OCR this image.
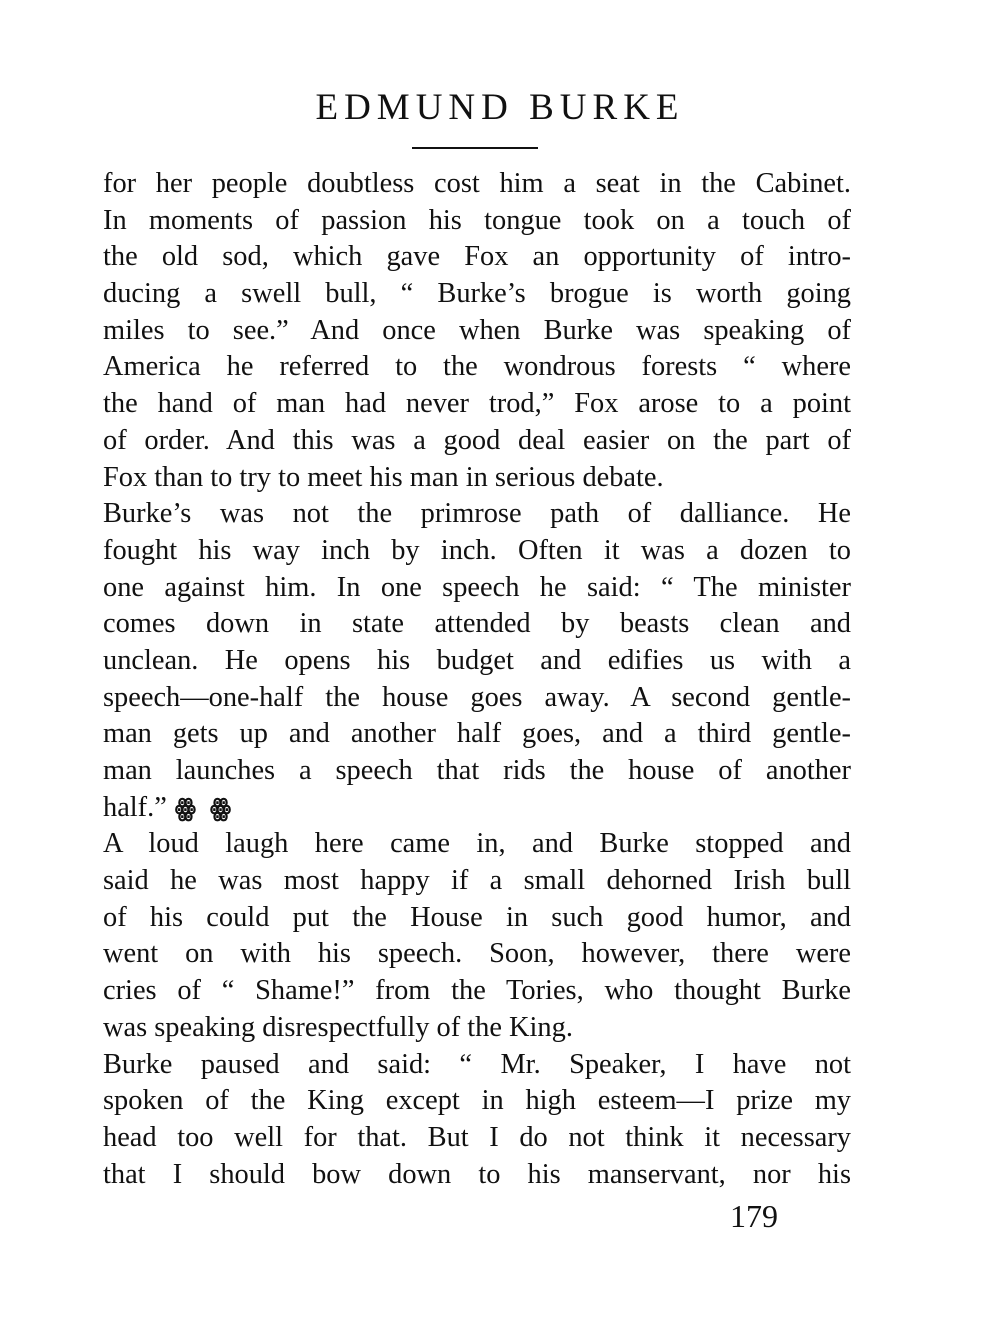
EDMUND BURKE
for her people doubtless cost him a seat in the Cabinet.
In moments of passion his tongue took on a touch of
the old sod, which gave Fox an opportunity of intro-
ducing a swell bull, “ Burke’s brogue is worth going
miles to see.” And once when Burke was speaking of
America he referred to the wondrous forests “ where
the hand of man had never trod,” Fox arose to a point
of order. And this was a good deal easier on the part of
Fox than to try to meet his man in serious debate.
Burke’s was not the primrose path of dalliance. He
fought his way inch by inch. Often it was a dozen to
one against him. In one speech he said: “ The minister
comes down in state attended by beasts clean and
unclean. He opens his budget and edifies us with a
speech—one-half the house goes away. A second gentle-
man gets up and another half goes, and a third gentle-
man launches a speech that rids the house of another
half.” ꙮ ꙮ
A loud laugh here came in, and Burke stopped and
said he was most happy if a small dehorned Irish bull
of his could put the House in such good humor, and
went on with his speech. Soon, however, there were
cries of “ Shame!” from the Tories, who thought Burke
was speaking disrespectfully of the King.
Burke paused and said: “ Mr. Speaker, I have not
spoken of the King except in high esteem—I prize my
head too well for that. But I do not think it necessary
that I should bow down to his manservant, nor his
179
